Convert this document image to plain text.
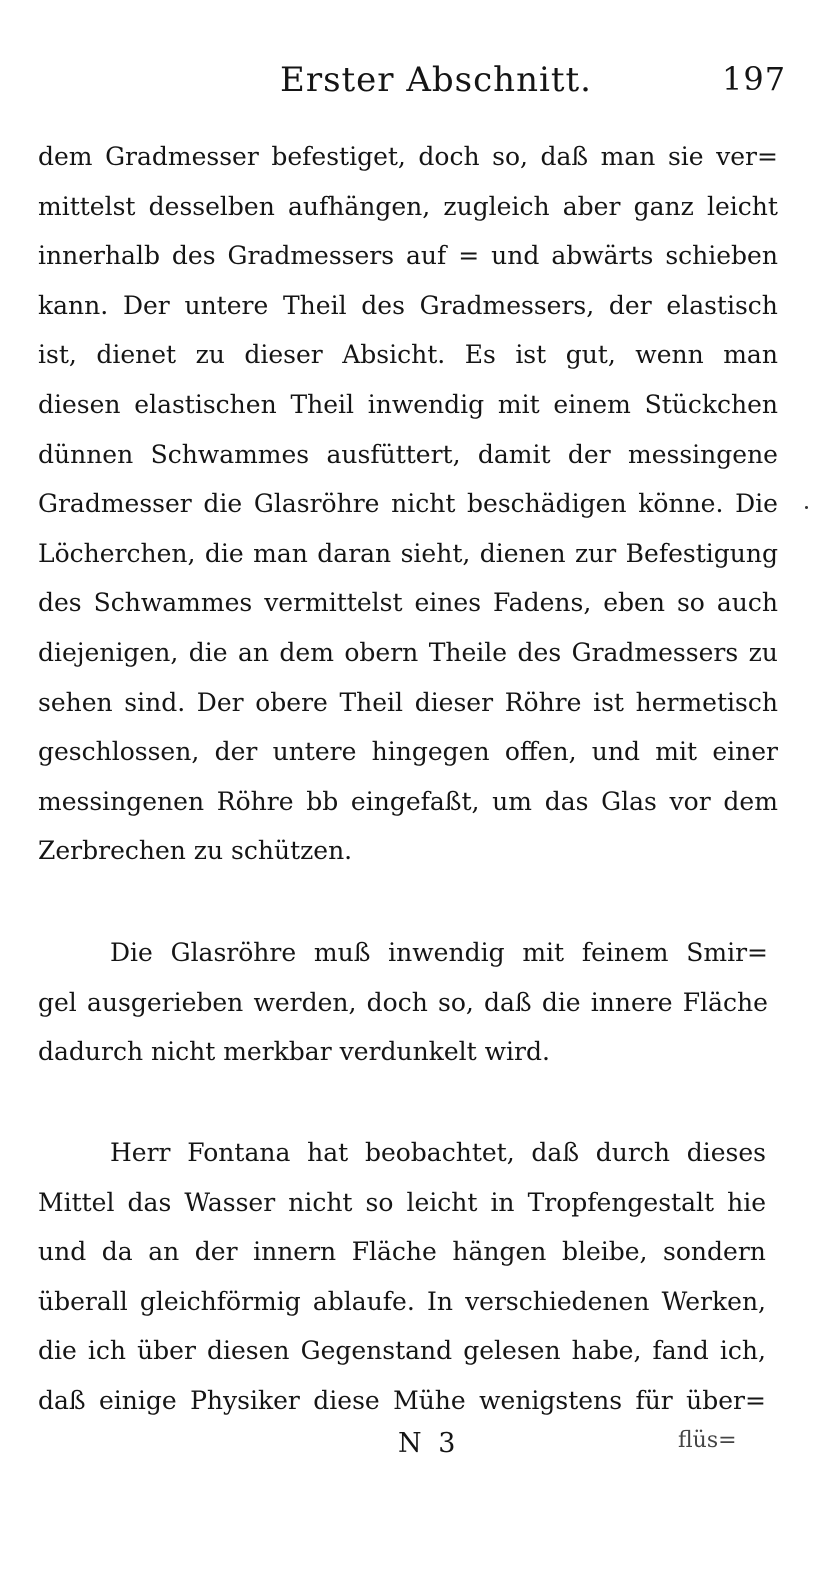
Erster Abschnitt.	197
dem Gradmesser befestiget, doch so, daß man sie ver=
mittelst desselben aufhängen, zugleich aber ganz leicht
innerhalb des Gradmessers auf = und abwärts schieben
kann. Der untere Theil des Gradmessers, der elastisch
ist, dienet zu dieser Absicht. Es ist gut, wenn man
diesen elastischen Theil inwendig mit einem Stückchen
dünnen Schwammes ausfüttert, damit der messingene
Gradmesser die Glasröhre nicht beschädigen könne. Die
Löcherchen, die man daran sieht, dienen zur Befestigung
des Schwammes vermittelst eines Fadens, eben so auch
diejenigen, die an dem obern Theile des Gradmessers zu
sehen sind. Der obere Theil dieser Röhre ist hermetisch
geschlossen, der untere hingegen offen, und mit einer
messingenen Röhre bb eingefaßt, um das Glas vor dem
Zerbrechen zu schützen.
Die Glasröhre muß inwendig mit feinem Smir=
gel ausgerieben werden, doch so, daß die innere Fläche
dadurch nicht merkbar verdunkelt wird.
Herr Fontana hat beobachtet, daß durch dieses
Mittel das Wasser nicht so leicht in Tropfengestalt hie
und da an der innern Fläche hängen bleibe, sondern
überall gleichförmig ablaufe. In verschiedenen Werken,
die ich über diesen Gegenstand gelesen habe, fand ich,
daß einige Physiker diese Mühe wenigstens für über=
N 3	flüs=
